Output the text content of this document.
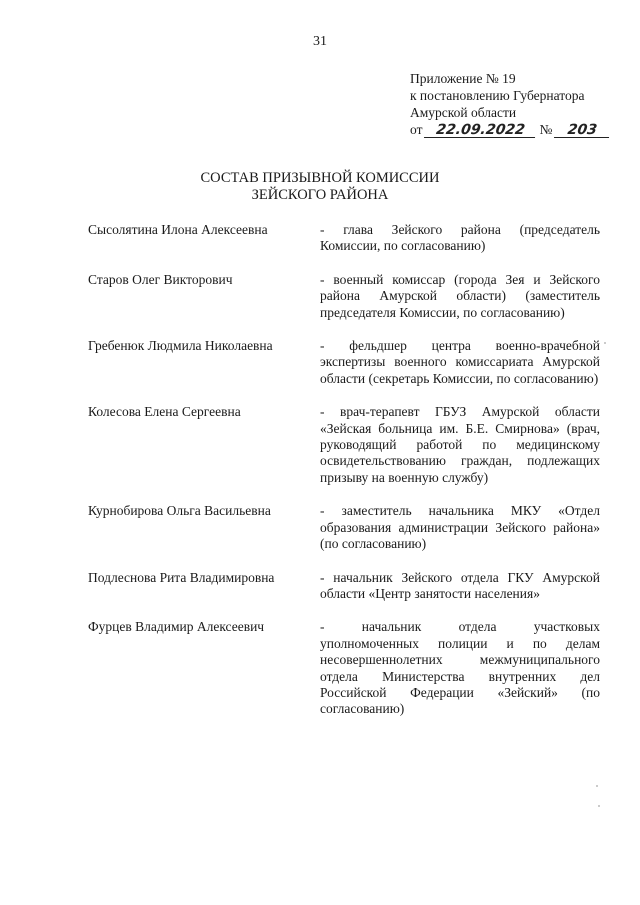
31
Приложение № 19
к постановлению Губернатора
Амурской области
от 22.09.2022 №	203
СОСТАВ ПРИЗЫВНОЙ КОМИССИИ
ЗЕЙСКОГО РАЙОНА
Сысолятина Илона Алексеевна	- глава Зейского района (председатель Комиссии, по согласованию)
Старов Олег Викторович	- военный комиссар (города Зея и Зейского района Амурской области) (заместитель председателя Комиссии, по согласованию)
Гребенюк Людмила Николаевна	- фельдшер центра военно-врачебной экспертизы военного комиссариата Амурской области (секретарь Комиссии, по согласованию)
Колесова Елена Сергеевна	- врач-терапевт ГБУЗ Амурской области «Зейская больница им. Б.Е. Смирнова» (врач, руководящий работой по медицинскому освидетельствованию граждан, подлежащих призыву на военную службу)
Курнобирова Ольга Васильевна	- заместитель начальника МКУ «Отдел образования администрации Зейского района» (по согласованию)
Подлеснова Рита Владимировна	- начальник Зейского отдела ГКУ Амурской области «Центр занятости населения»
Фурцев Владимир Алексеевич	- начальник отдела участковых уполномоченных полиции и по делам несовершеннолетних межмуниципального отдела Министерства внутренних дел Российской Федерации «Зейский» (по согласованию)
